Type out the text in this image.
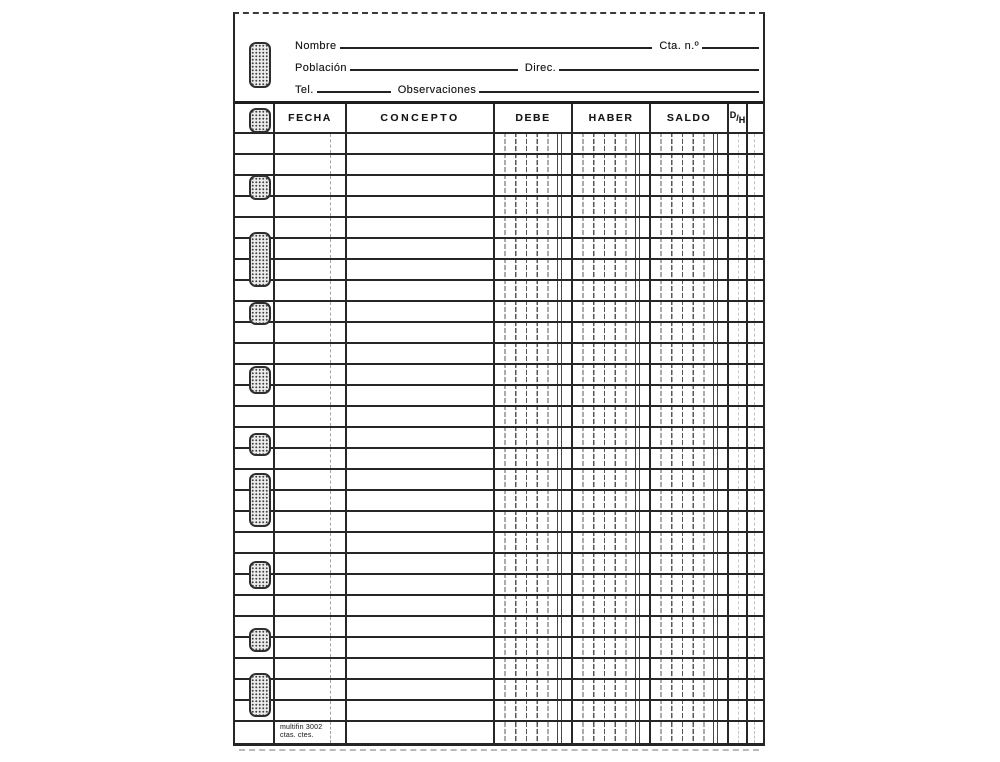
Nombre	Cta. n.º
Población	Direc.
Tel.	Observaciones
FECHA	CONCEPTO	DEBE	HABER	SALDO	D/H
multifin 3002
ctas. ctes.
